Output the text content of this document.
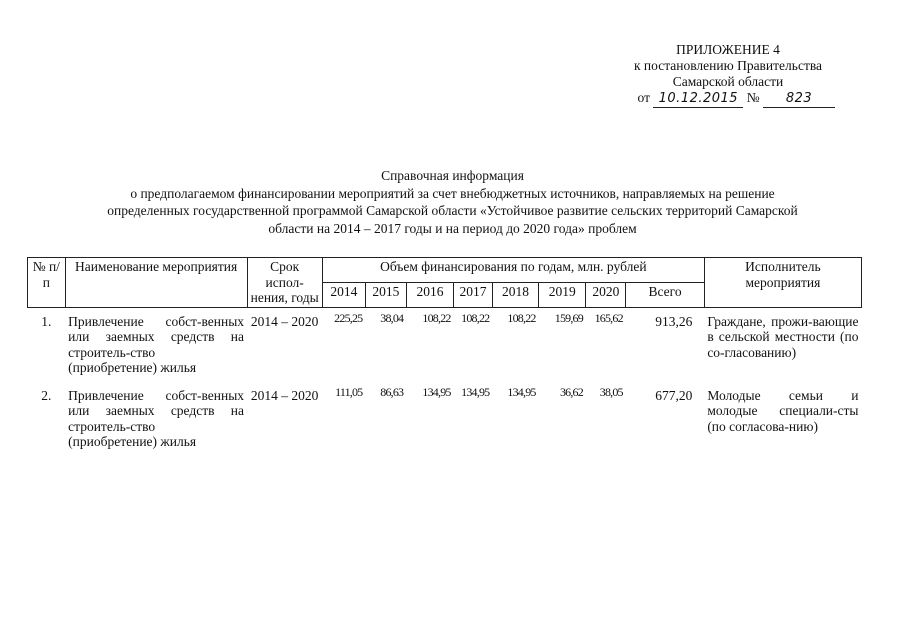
ПРИЛОЖЕНИЕ 4
к постановлению Правительства
Самарской области
от 10.12.2015 № 823
Справочная информация
о предполагаемом финансировании мероприятий за счет внебюджетных источников, направляемых на решение
определенных государственной программой Самарской области «Устойчивое развитие сельских территорий Самарской
области на 2014 – 2017 годы и на период до 2020 года» проблем
№ п/п	Наименование мероприятия	Срок испол-нения, годы	Объем финансирования по годам, млн. рублей								Исполнитель мероприятия
			2014	2015	2016	2017	2018	2019	2020	Всего	
1.	Привлечение собст-венных или заемных средств на строитель-ство (приобретение) жилья	2014 – 2020	225,25	38,04	108,22	108,22	108,22	159,69	165,62	913,26	Граждане, прожи-вающие в сельской местности (по со-гласованию)
2.	Привлечение собст-венных или заемных средств на строитель-ство (приобретение) жилья	2014 – 2020	111,05	86,63	134,95	134,95	134,95	36,62	38,05	677,20	Молодые семьи и молодые специали-сты (по согласова-нию)
